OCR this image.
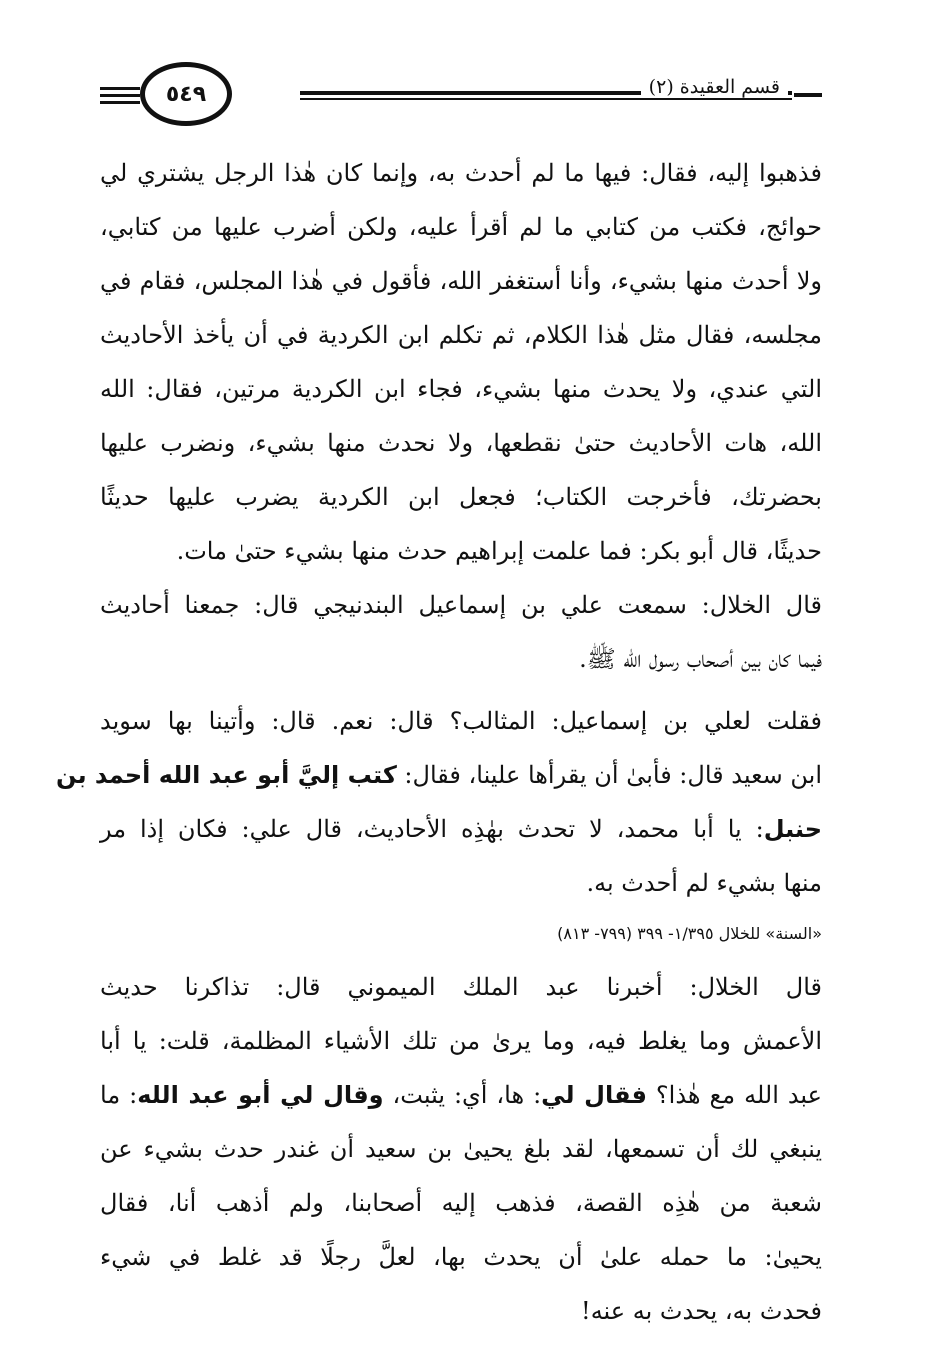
قسم العقيدة (٢)
٥٤٩
فذهبوا إليه، فقال: فيها ما لم أحدث به، وإنما كان هٰذا الرجل يشتري لي
حوائج، فكتب من كتابي ما لم أقرأ عليه، ولكن أضرب عليها من كتابي،
ولا أحدث منها بشيء، وأنا أستغفر الله، فأقول في هٰذا المجلس، فقام في
مجلسه، فقال مثل هٰذا الكلام، ثم تكلم ابن الكردية في أن يأخذ الأحاديث
التي عندي، ولا يحدث منها بشيء، فجاء ابن الكردية مرتين، فقال: الله
الله، هات الأحاديث حتىٰ نقطعها، ولا نحدث منها بشيء، ونضرب عليها
بحضرتك، فأخرجت الكتاب؛ فجعل ابن الكردية يضرب عليها حديثًا
حديثًا، قال أبو بكر: فما علمت إبراهيم حدث منها بشيء حتىٰ مات.
قال الخلال: سمعت علي بن إسماعيل البندنيجي قال: جمعنا أحاديث
فيما كان بين أصحاب رسول الله ﷺ.
فقلت لعلي بن إسماعيل: المثالب؟ قال: نعم. قال: وأتينا بها سويد
ابن سعيد قال: فأبىٰ أن يقرأها علينا، فقال: كتب إليَّ أبو عبد الله أحمد بن
حنبل: يا أبا محمد، لا تحدث بهٰذِه الأحاديث، قال علي: فكان إذا مر
منها بشيء لم أحدث به.
«السنة» للخلال ١/٣٩٥- ٣٩٩ (٧٩٩- ٨١٣)
قال الخلال: أخبرنا عبد الملك الميموني قال: تذاكرنا حديث
الأعمش وما يغلط فيه، وما يرىٰ من تلك الأشياء المظلمة، قلت: يا أبا
عبد الله مع هٰذا؟ فقال لي: ها، أي: يثبت، وقال لي أبو عبد الله: ما
ينبغي لك أن تسمعها، لقد بلغ يحيىٰ بن سعيد أن غندر حدث بشيء عن
شعبة من هٰذِه القصة، فذهب إليه أصحابنا، ولم أذهب أنا، فقال
يحيىٰ: ما حمله علىٰ أن يحدث بها، لعلَّ رجلًا قد غلط في شيء
فحدث به، يحدث به عنه!
